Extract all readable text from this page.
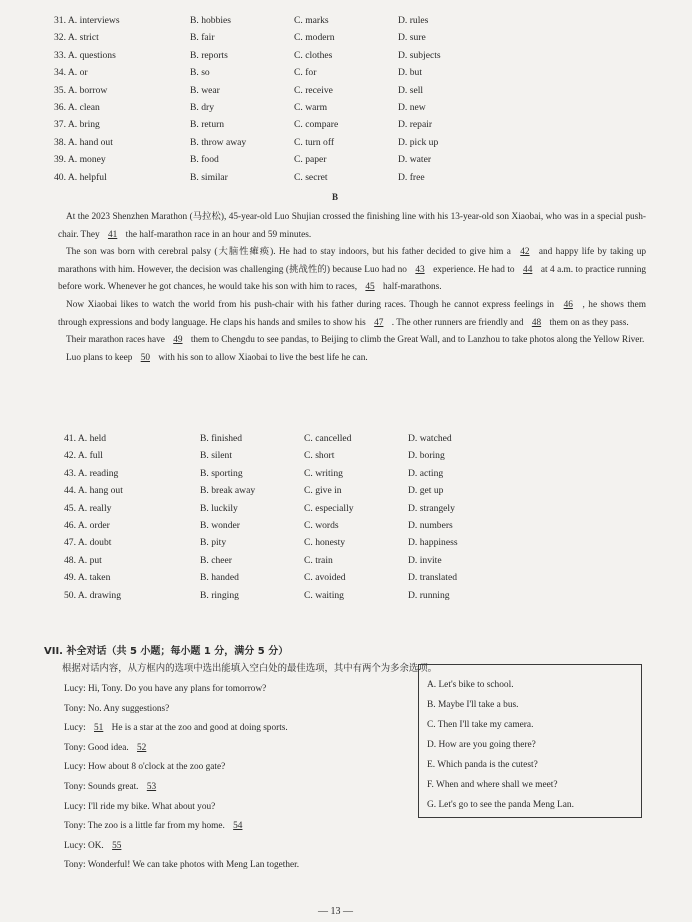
31. A. interviews	B. hobbies	C. marks	D. rules
32. A. strict	B. fair	C. modern	D. sure
33. A. questions	B. reports	C. clothes	D. subjects
34. A. or	B. so	C. for	D. but
35. A. borrow	B. wear	C. receive	D. sell
36. A. clean	B. dry	C. warm	D. new
37. A. bring	B. return	C. compare	D. repair
38. A. hand out	B. throw away	C. turn off	D. pick up
39. A. money	B. food	C. paper	D. water
40. A. helpful	B. similar	C. secret	D. free
B

At the 2023 Shenzhen Marathon (马拉松), 45-year-old Luo Shujian crossed the finishing line with his 13-year-old son Xiaobai, who was in a special push-chair. They 41 the half-marathon race in an hour and 59 minutes.

The son was born with cerebral palsy (大脑性瘫痪). He had to stay indoors, but his father decided to give him a 42 and happy life by taking up marathons with him. However, the decision was challenging (挑战性的) because Luo had no 43 experience. He had to 44 at 4 a.m. to practice running before work. Whenever he got chances, he would take his son with him to races, 45 half-marathons.

Now Xiaobai likes to watch the world from his push-chair with his father during races. Though he cannot express feelings in 46 , he shows them through expressions and body language. He claps his hands and smiles to show his 47 . The other runners are friendly and 48 them on as they pass.

Their marathon races have 49 them to Chengdu to see pandas, to Beijing to climb the Great Wall, and to Lanzhou to take photos along the Yellow River.

Luo plans to keep 50 with his son to allow Xiaobai to live the best life he can.

41. A. held	B. finished	C. cancelled	D. watched
42. A. full	B. silent	C. short	D. boring
43. A. reading	B. sporting	C. writing	D. acting
44. A. hang out	B. break away	C. give in	D. get up
45. A. really	B. luckily	C. especially	D. strangely
46. A. order	B. wonder	C. words	D. numbers
47. A. doubt	B. pity	C. honesty	D. happiness
48. A. put	B. cheer	C. train	D. invite
49. A. taken	B. handed	C. avoided	D. translated
50. A. drawing	B. ringing	C. waiting	D. running
VII. 补全对话（共 5 小题；每小题 1 分，满分 5 分）
根据对话内容，从方框内的选项中选出能填入空白处的最佳选项，其中有两个为多余选项。
Lucy: Hi, Tony. Do you have any plans for tomorrow?
Tony: No. Any suggestions?
Lucy: 51 He is a star at the zoo and good at doing sports.
Tony: Good idea. 52
Lucy: How about 8 o'clock at the zoo gate?
Tony: Sounds great. 53
Lucy: I'll ride my bike. What about you?
Tony: The zoo is a little far from my home. 54
Lucy: OK. 55
Tony: Wonderful! We can take photos with Meng Lan together.
A. Let's bike to school.
B. Maybe I'll take a bus.
C. Then I'll take my camera.
D. How are you going there?
E. Which panda is the cutest?
F. When and where shall we meet?
G. Let's go to see the panda Meng Lan.
— 13 —
